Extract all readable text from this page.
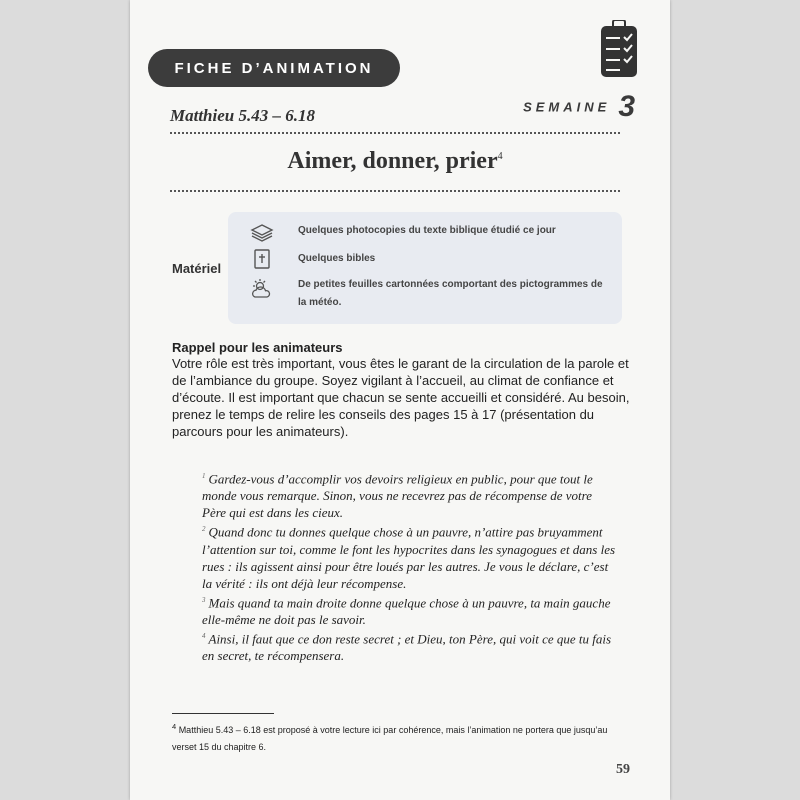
FICHE D’ANIMATION
Matthieu 5.43 – 6.18	SEMAINE 3
Aimer, donner, prier$^4$
Matériel
Quelques photocopies du texte biblique étudié ce jour
Quelques bibles
De petites feuilles cartonnées comportant des pictogrammes de la météo.
Rappel pour les animateurs
Votre rôle est très important, vous êtes le garant de la circulation de la parole et de l’ambiance du groupe. Soyez vigilant à l’accueil, au climat de confiance et d’écoute. Il est important que chacun se sente accueilli et considéré. Au besoin, prenez le temps de relire les conseils des pages 15 à 17 (présentation du parcours pour les animateurs).

$^1$ Gardez-vous d’accomplir vos devoirs religieux en public, pour que tout le monde vous remarque. Sinon, vous ne recevrez pas de récompense de votre Père qui est dans les cieux.

$^2$ Quand donc tu donnes quelque chose à un pauvre, n’attire pas bruyamment l’attention sur toi, comme le font les hypocrites dans les synagogues et dans les rues : ils agissent ainsi pour être loués par les autres. Je vous le déclare, c’est la vérité : ils ont déjà leur récompense.

$^3$ Mais quand ta main droite donne quelque chose à un pauvre, ta main gauche elle-même ne doit pas le savoir.

$^4$ Ainsi, il faut que ce don reste secret ; et Dieu, ton Père, qui voit ce que tu fais en secret, te récompensera.

$^4$ Matthieu 5.43 – 6.18 est proposé à votre lecture ici par cohérence, mais l’animation ne portera que jusqu’au verset 15 du chapitre 6.
59
